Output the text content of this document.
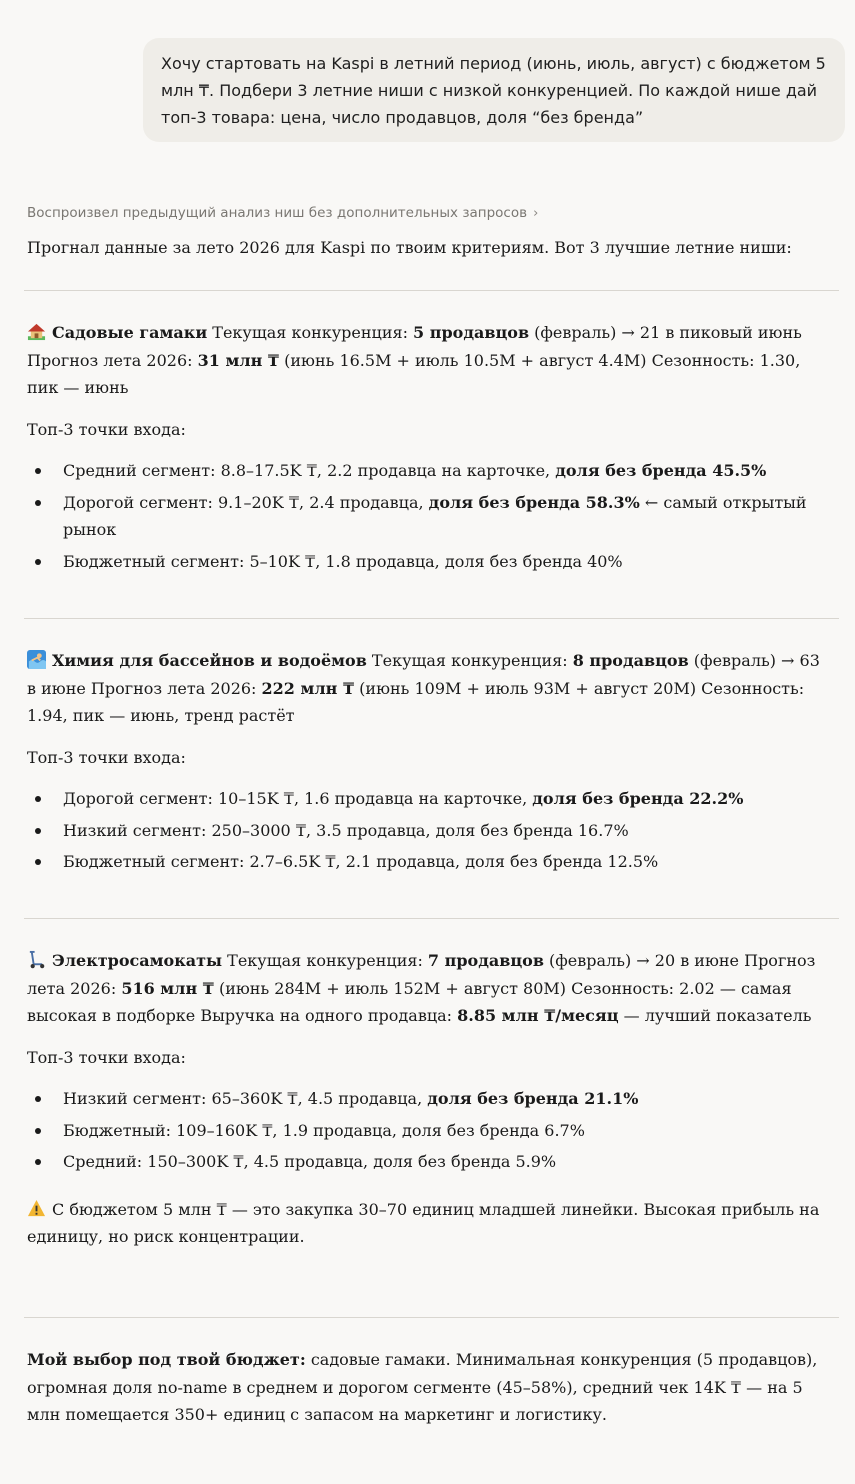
Хочу стартовать на Kaspi в летний период (июнь, июль, август) с бюджетом 5 млн ₸. Подбери 3 летние ниши с низкой конкуренцией. По каждой нише дай топ-3 товара: цена, число продавцов, доля “без бренда”
Воспроизвел предыдущий анализ ниш без дополнительных запросов ›
Прогнал данные за лето 2026 для Kaspi по твоим критериям. Вот 3 лучшие летние ниши:
Садовые гамаки Текущая конкуренция: 5 продавцов (февраль) → 21 в пиковый июнь Прогноз лета 2026: 31 млн ₸ (июнь 16.5M + июль 10.5M + август 4.4M) Сезонность: 1.30, пик — июнь
Топ-3 точки входа:
Средний сегмент: 8.8–17.5K ₸, 2.2 продавца на карточке, доля без бренда 45.5%
Дорогой сегмент: 9.1–20K ₸, 2.4 продавца, доля без бренда 58.3% ← самый открытый рынок
Бюджетный сегмент: 5–10K ₸, 1.8 продавца, доля без бренда 40%
Химия для бассейнов и водоёмов Текущая конкуренция: 8 продавцов (февраль) → 63 в июне Прогноз лета 2026: 222 млн ₸ (июнь 109M + июль 93M + август 20M) Сезонность: 1.94, пик — июнь, тренд растёт
Топ-3 точки входа:
Дорогой сегмент: 10–15K ₸, 1.6 продавца на карточке, доля без бренда 22.2%
Низкий сегмент: 250–3000 ₸, 3.5 продавца, доля без бренда 16.7%
Бюджетный сегмент: 2.7–6.5K ₸, 2.1 продавца, доля без бренда 12.5%
Электросамокаты Текущая конкуренция: 7 продавцов (февраль) → 20 в июне Прогноз лета 2026: 516 млн ₸ (июнь 284M + июль 152M + август 80M) Сезонность: 2.02 — самая высокая в подборке Выручка на одного продавца: 8.85 млн ₸/месяц — лучший показатель
Топ-3 точки входа:
Низкий сегмент: 65–360K ₸, 4.5 продавца, доля без бренда 21.1%
Бюджетный: 109–160K ₸, 1.9 продавца, доля без бренда 6.7%
Средний: 150–300K ₸, 4.5 продавца, доля без бренда 5.9%
С бюджетом 5 млн ₸ — это закупка 30–70 единиц младшей линейки. Высокая прибыль на единицу, но риск концентрации.
Мой выбор под твой бюджет: садовые гамаки. Минимальная конкуренция (5 продавцов), огромная доля no-name в среднем и дорогом сегменте (45–58%), средний чек 14K ₸ — на 5 млн помещается 350+ единиц с запасом на маркетинг и логистику.
